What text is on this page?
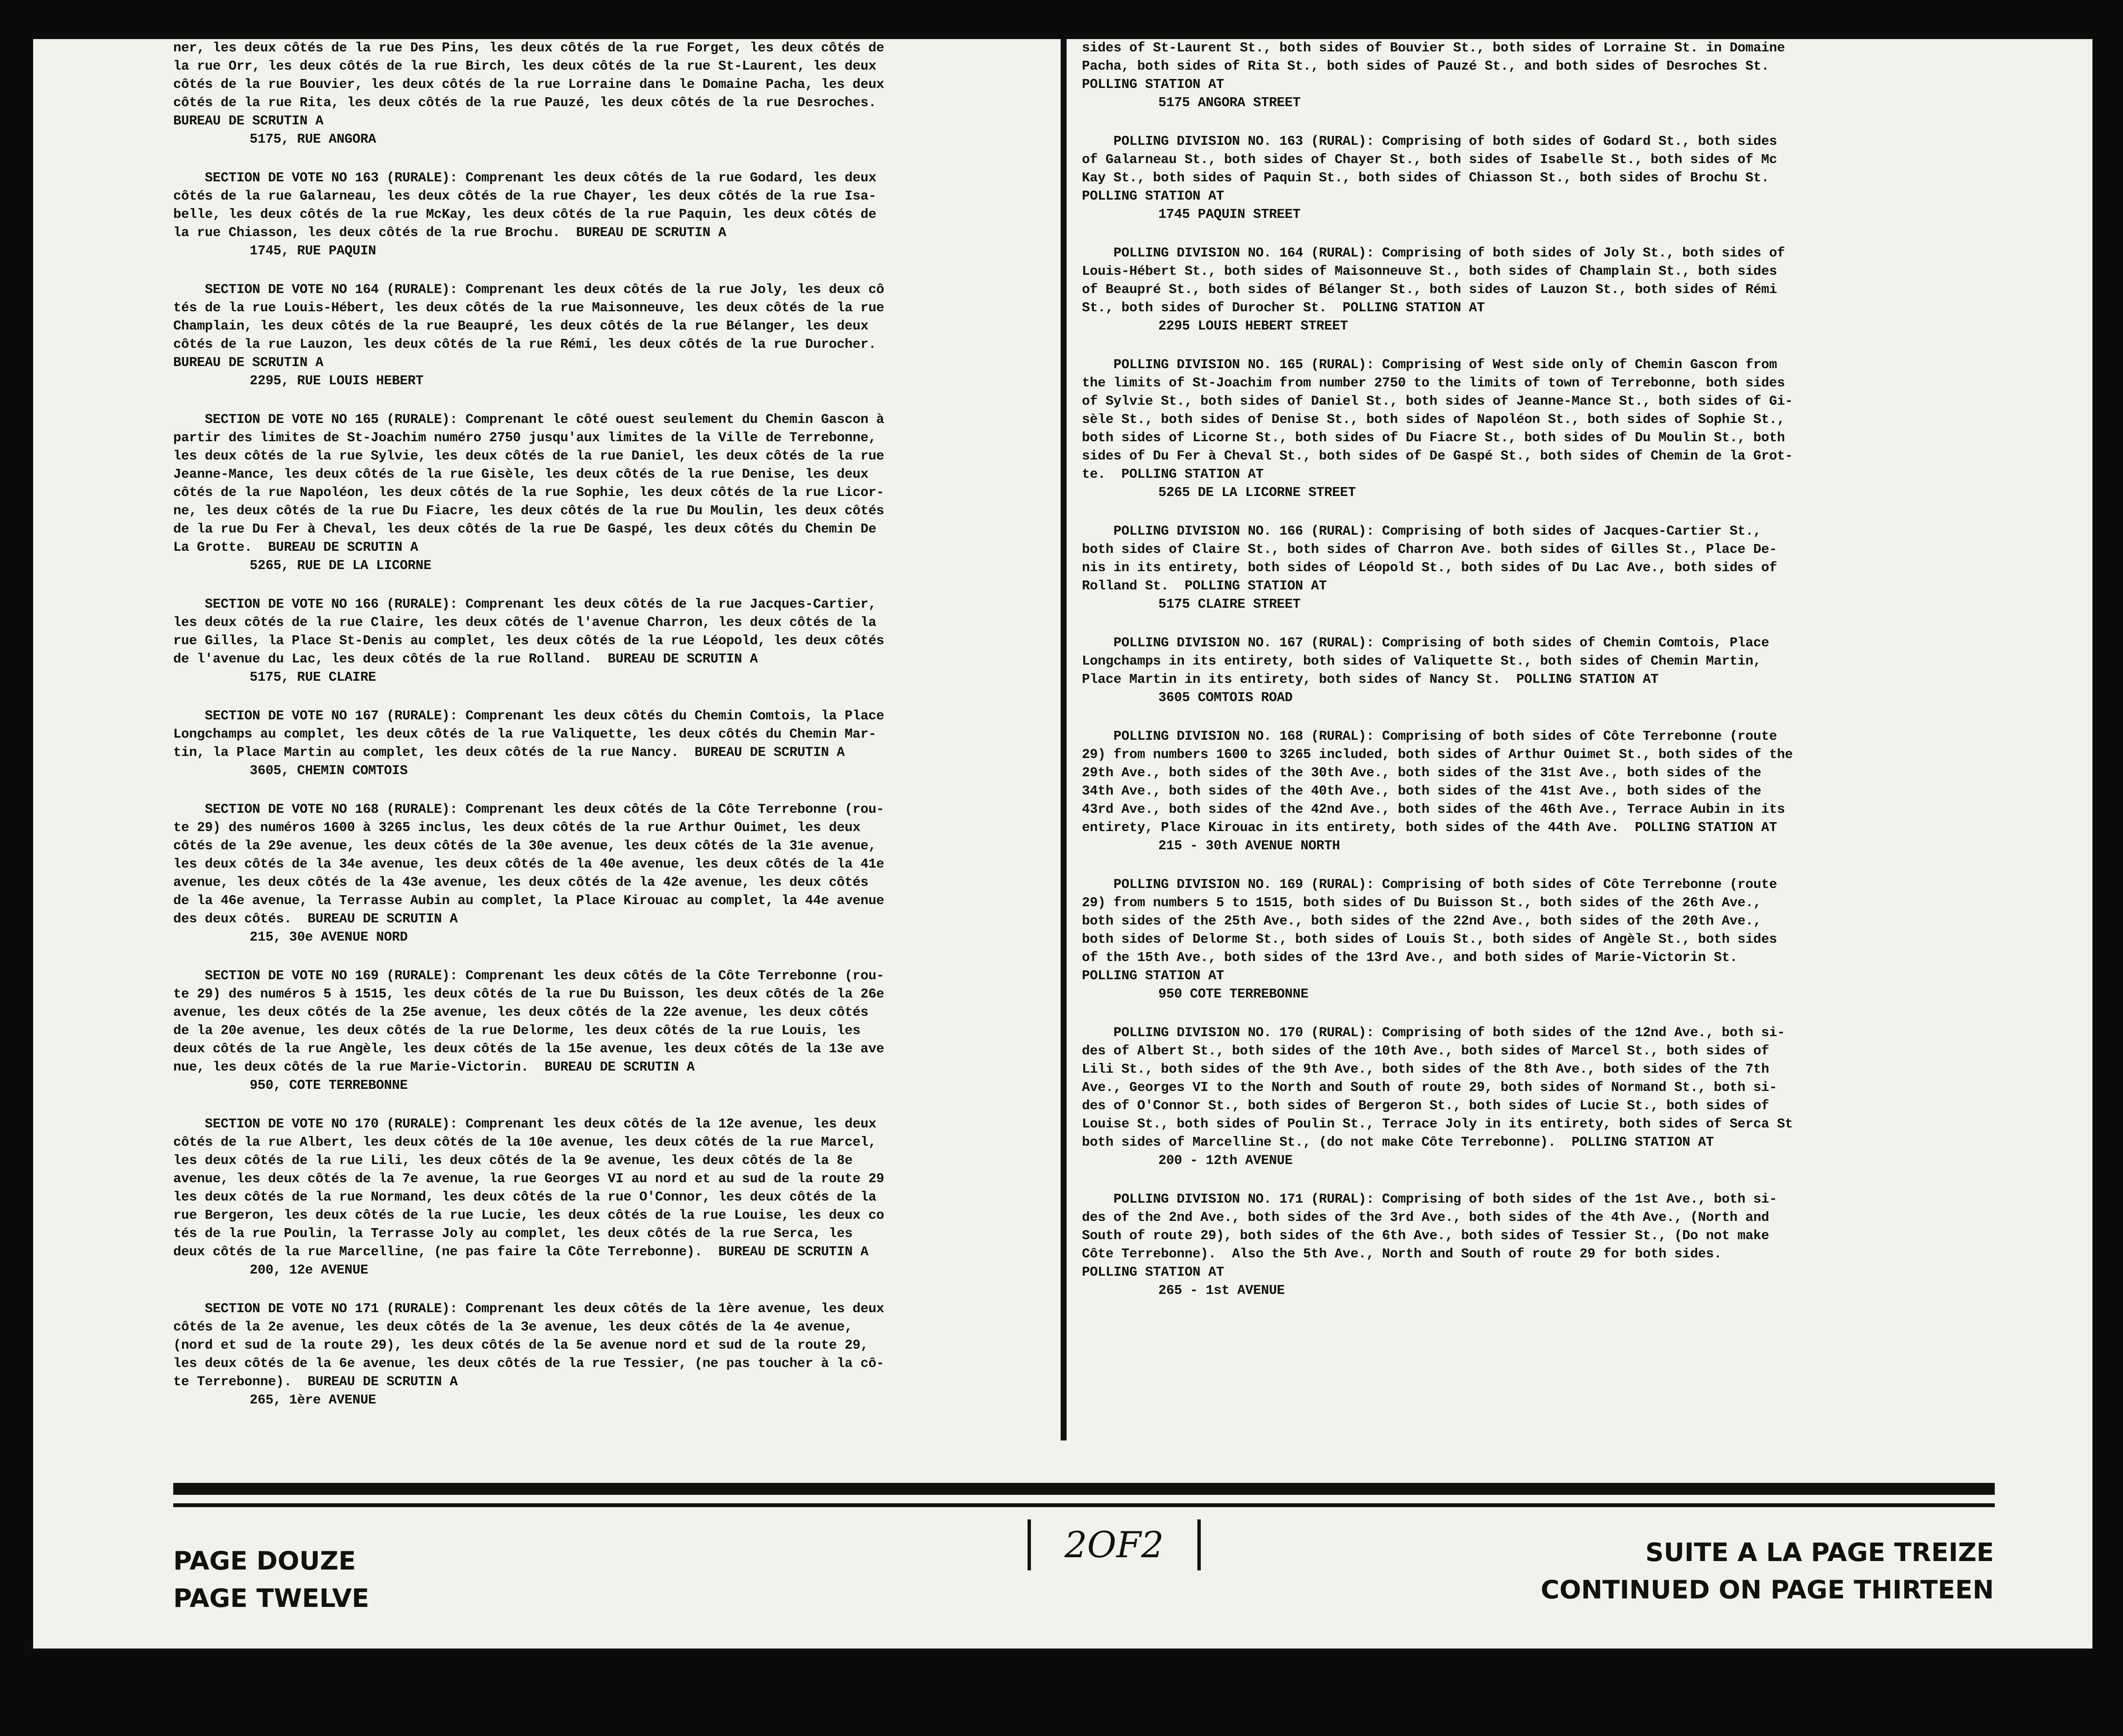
ner, les deux côtés de la rue Des Pins, les deux côtés de la rue Forget, les deux côtés de
la rue Orr, les deux côtés de la rue Birch, les deux côtés de la rue St-Laurent, les deux
côtés de la rue Bouvier, les deux côtés de la rue Lorraine dans le Domaine Pacha, les deux
côtés de la rue Rita, les deux côtés de la rue Pauzé, les deux côtés de la rue Desroches.
BUREAU DE SCRUTIN A
5175, RUE ANGORA
SECTION DE VOTE NO 163 (RURALE): Comprenant les deux côtés de la rue Godard, les deux
côtés de la rue Galarneau, les deux côtés de la rue Chayer, les deux côtés de la rue Isa-
belle, les deux côtés de la rue McKay, les deux côtés de la rue Paquin, les deux côtés de
la rue Chiasson, les deux côtés de la rue Brochu.  BUREAU DE SCRUTIN A
1745, RUE PAQUIN
SECTION DE VOTE NO 164 (RURALE): Comprenant les deux côtés de la rue Joly, les deux cô
tés de la rue Louis-Hébert, les deux côtés de la rue Maisonneuve, les deux côtés de la rue
Champlain, les deux côtés de la rue Beaupré, les deux côtés de la rue Bélanger, les deux
côtés de la rue Lauzon, les deux côtés de la rue Rémi, les deux côtés de la rue Durocher.
BUREAU DE SCRUTIN A
2295, RUE LOUIS HEBERT
SECTION DE VOTE NO 165 (RURALE): Comprenant le côté ouest seulement du Chemin Gascon à
partir des limites de St-Joachim numéro 2750 jusqu'aux limites de la Ville de Terrebonne,
les deux côtés de la rue Sylvie, les deux côtés de la rue Daniel, les deux côtés de la rue
Jeanne-Mance, les deux côtés de la rue Gisèle, les deux côtés de la rue Denise, les deux
côtés de la rue Napoléon, les deux côtés de la rue Sophie, les deux côtés de la rue Licor-
ne, les deux côtés de la rue Du Fiacre, les deux côtés de la rue Du Moulin, les deux côtés
de la rue Du Fer à Cheval, les deux côtés de la rue De Gaspé, les deux côtés du Chemin De
La Grotte.  BUREAU DE SCRUTIN A
5265, RUE DE LA LICORNE
SECTION DE VOTE NO 166 (RURALE): Comprenant les deux côtés de la rue Jacques-Cartier,
les deux côtés de la rue Claire, les deux côtés de l'avenue Charron, les deux côtés de la
rue Gilles, la Place St-Denis au complet, les deux côtés de la rue Léopold, les deux côtés
de l'avenue du Lac, les deux côtés de la rue Rolland.  BUREAU DE SCRUTIN A
5175, RUE CLAIRE
SECTION DE VOTE NO 167 (RURALE): Comprenant les deux côtés du Chemin Comtois, la Place
Longchamps au complet, les deux côtés de la rue Valiquette, les deux côtés du Chemin Mar-
tin, la Place Martin au complet, les deux côtés de la rue Nancy.  BUREAU DE SCRUTIN A
3605, CHEMIN COMTOIS
SECTION DE VOTE NO 168 (RURALE): Comprenant les deux côtés de la Côte Terrebonne (rou-
te 29) des numéros 1600 à 3265 inclus, les deux côtés de la rue Arthur Ouimet, les deux
côtés de la 29e avenue, les deux côtés de la 30e avenue, les deux côtés de la 31e avenue,
les deux côtés de la 34e avenue, les deux côtés de la 40e avenue, les deux côtés de la 41e
avenue, les deux côtés de la 43e avenue, les deux côtés de la 42e avenue, les deux côtés
de la 46e avenue, la Terrasse Aubin au complet, la Place Kirouac au complet, la 44e avenue
des deux côtés.  BUREAU DE SCRUTIN A
215, 30e AVENUE NORD
SECTION DE VOTE NO 169 (RURALE): Comprenant les deux côtés de la Côte Terrebonne (rou-
te 29) des numéros 5 à 1515, les deux côtés de la rue Du Buisson, les deux côtés de la 26e
avenue, les deux côtés de la 25e avenue, les deux côtés de la 22e avenue, les deux côtés
de la 20e avenue, les deux côtés de la rue Delorme, les deux côtés de la rue Louis, les
deux côtés de la rue Angèle, les deux côtés de la 15e avenue, les deux côtés de la 13e ave
nue, les deux côtés de la rue Marie-Victorin.  BUREAU DE SCRUTIN A
950, COTE TERREBONNE
SECTION DE VOTE NO 170 (RURALE): Comprenant les deux côtés de la 12e avenue, les deux
côtés de la rue Albert, les deux côtés de la 10e avenue, les deux côtés de la rue Marcel,
les deux côtés de la rue Lili, les deux côtés de la 9e avenue, les deux côtés de la 8e
avenue, les deux côtés de la 7e avenue, la rue Georges VI au nord et au sud de la route 29
les deux côtés de la rue Normand, les deux côtés de la rue O'Connor, les deux côtés de la
rue Bergeron, les deux côtés de la rue Lucie, les deux côtés de la rue Louise, les deux co
tés de la rue Poulin, la Terrasse Joly au complet, les deux côtés de la rue Serca, les
deux côtés de la rue Marcelline, (ne pas faire la Côte Terrebonne).  BUREAU DE SCRUTIN A
200, 12e AVENUE
SECTION DE VOTE NO 171 (RURALE): Comprenant les deux côtés de la 1ère avenue, les deux
côtés de la 2e avenue, les deux côtés de la 3e avenue, les deux côtés de la 4e avenue,
(nord et sud de la route 29), les deux côtés de la 5e avenue nord et sud de la route 29,
les deux côtés de la 6e avenue, les deux côtés de la rue Tessier, (ne pas toucher à la cô-
te Terrebonne).  BUREAU DE SCRUTIN A
265, 1ère AVENUE
sides of St-Laurent St., both sides of Bouvier St., both sides of Lorraine St. in Domaine
Pacha, both sides of Rita St., both sides of Pauzé St., and both sides of Desroches St.
POLLING STATION AT
5175 ANGORA STREET
POLLING DIVISION NO. 163 (RURAL): Comprising of both sides of Godard St., both sides
of Galarneau St., both sides of Chayer St., both sides of Isabelle St., both sides of Mc
Kay St., both sides of Paquin St., both sides of Chiasson St., both sides of Brochu St.
POLLING STATION AT
1745 PAQUIN STREET
POLLING DIVISION NO. 164 (RURAL): Comprising of both sides of Joly St., both sides of
Louis-Hébert St., both sides of Maisonneuve St., both sides of Champlain St., both sides
of Beaupré St., both sides of Bélanger St., both sides of Lauzon St., both sides of Rémi
St., both sides of Durocher St.  POLLING STATION AT
2295 LOUIS HEBERT STREET
POLLING DIVISION NO. 165 (RURAL): Comprising of West side only of Chemin Gascon from
the limits of St-Joachim from number 2750 to the limits of town of Terrebonne, both sides
of Sylvie St., both sides of Daniel St., both sides of Jeanne-Mance St., both sides of Gi-
sèle St., both sides of Denise St., both sides of Napoléon St., both sides of Sophie St.,
both sides of Licorne St., both sides of Du Fiacre St., both sides of Du Moulin St., both
sides of Du Fer à Cheval St., both sides of De Gaspé St., both sides of Chemin de la Grot-
te.  POLLING STATION AT
5265 DE LA LICORNE STREET
POLLING DIVISION NO. 166 (RURAL): Comprising of both sides of Jacques-Cartier St.,
both sides of Claire St., both sides of Charron Ave. both sides of Gilles St., Place De-
nis in its entirety, both sides of Léopold St., both sides of Du Lac Ave., both sides of
Rolland St.  POLLING STATION AT
5175 CLAIRE STREET
POLLING DIVISION NO. 167 (RURAL): Comprising of both sides of Chemin Comtois, Place
Longchamps in its entirety, both sides of Valiquette St., both sides of Chemin Martin,
Place Martin in its entirety, both sides of Nancy St.  POLLING STATION AT
3605 COMTOIS ROAD
POLLING DIVISION NO. 168 (RURAL): Comprising of both sides of Côte Terrebonne (route
29) from numbers 1600 to 3265 included, both sides of Arthur Ouimet St., both sides of the
29th Ave., both sides of the 30th Ave., both sides of the 31st Ave., both sides of the
34th Ave., both sides of the 40th Ave., both sides of the 41st Ave., both sides of the
43rd Ave., both sides of the 42nd Ave., both sides of the 46th Ave., Terrace Aubin in its
entirety, Place Kirouac in its entirety, both sides of the 44th Ave.  POLLING STATION AT
215 - 30th AVENUE NORTH
POLLING DIVISION NO. 169 (RURAL): Comprising of both sides of Côte Terrebonne (route
29) from numbers 5 to 1515, both sides of Du Buisson St., both sides of the 26th Ave.,
both sides of the 25th Ave., both sides of the 22nd Ave., both sides of the 20th Ave.,
both sides of Delorme St., both sides of Louis St., both sides of Angèle St., both sides
of the 15th Ave., both sides of the 13rd Ave., and both sides of Marie-Victorin St.
POLLING STATION AT
950 COTE TERREBONNE
POLLING DIVISION NO. 170 (RURAL): Comprising of both sides of the 12nd Ave., both si-
des of Albert St., both sides of the 10th Ave., both sides of Marcel St., both sides of
Lili St., both sides of the 9th Ave., both sides of the 8th Ave., both sides of the 7th
Ave., Georges VI to the North and South of route 29, both sides of Normand St., both si-
des of O'Connor St., both sides of Bergeron St., both sides of Lucie St., both sides of
Louise St., both sides of Poulin St., Terrace Joly in its entirety, both sides of Serca St
both sides of Marcelline St., (do not make Côte Terrebonne).  POLLING STATION AT
200 - 12th AVENUE
POLLING DIVISION NO. 171 (RURAL): Comprising of both sides of the 1st Ave., both si-
des of the 2nd Ave., both sides of the 3rd Ave., both sides of the 4th Ave., (North and
South of route 29), both sides of the 6th Ave., both sides of Tessier St., (Do not make
Côte Terrebonne).  Also the 5th Ave., North and South of route 29 for both sides.
POLLING STATION AT
265 - 1st AVENUE
PAGE DOUZE
PAGE TWELVE
2OF2	SUITE A LA PAGE TREIZE
CONTINUED ON PAGE THIRTEEN
